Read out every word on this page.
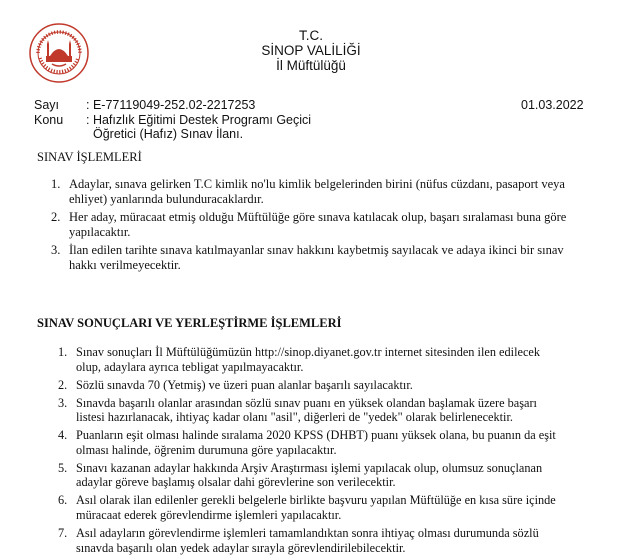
T.C.
SİNOP VALİLİĞİ
İl Müftülüğü
Sayı : E-77119049-252.02-2217253	01.03.2022
Konu : Hafızlık Eğitimi Destek Programı Geçici
Öğretici (Hafız) Sınav İlanı.
SINAV İŞLEMLERİ
1. Adaylar, sınava gelirken T.C kimlik no'lu kimlik belgelerinden birini (nüfus cüzdanı, pasaport veya ehliyet) yanlarında bulunduracaklardır.
2. Her aday, müracaat etmiş olduğu Müftülüğe göre sınava katılacak olup, başarı sıralaması buna göre yapılacaktır.
3. İlan edilen tarihte sınava katılmayanlar sınav hakkını kaybetmiş sayılacak ve adaya ikinci bir sınav hakkı verilmeyecektir.
SINAV SONUÇLARI VE YERLEŞTİRME İŞLEMLERİ
1. Sınav sonuçları İl Müftülüğümüzün http://sinop.diyanet.gov.tr internet sitesinden ilen edilecek olup, adaylara ayrıca tebligat yapılmayacaktır.
2. Sözlü sınavda 70 (Yetmiş) ve üzeri puan alanlar başarılı sayılacaktır.
3. Sınavda başarılı olanlar arasından sözlü sınav puanı en yüksek olandan başlamak üzere başarı listesi hazırlanacak, ihtiyaç kadar olanı "asil", diğerleri de "yedek" olarak belirlenecektir.
4. Puanların eşit olması halinde sıralama 2020 KPSS (DHBT) puanı yüksek olana, bu puanın da eşit olması halinde, öğrenim durumuna göre yapılacaktır.
5. Sınavı kazanan adaylar hakkında Arşiv Araştırması işlemi yapılacak olup, olumsuz sonuçlanan adaylar göreve başlamış olsalar dahi görevlerine son verilecektir.
6. Asıl olarak ilan edilenler gerekli belgelerle birlikte başvuru yapılan Müftülüğe en kısa süre içinde müracaat ederek görevlendirme işlemleri yapılacaktır.
7. Asıl adayların görevlendirme işlemleri tamamlandıktan sonra ihtiyaç olması durumunda sözlü sınavda başarılı olan yedek adaylar sırayla görevlendirilebilecektir.
